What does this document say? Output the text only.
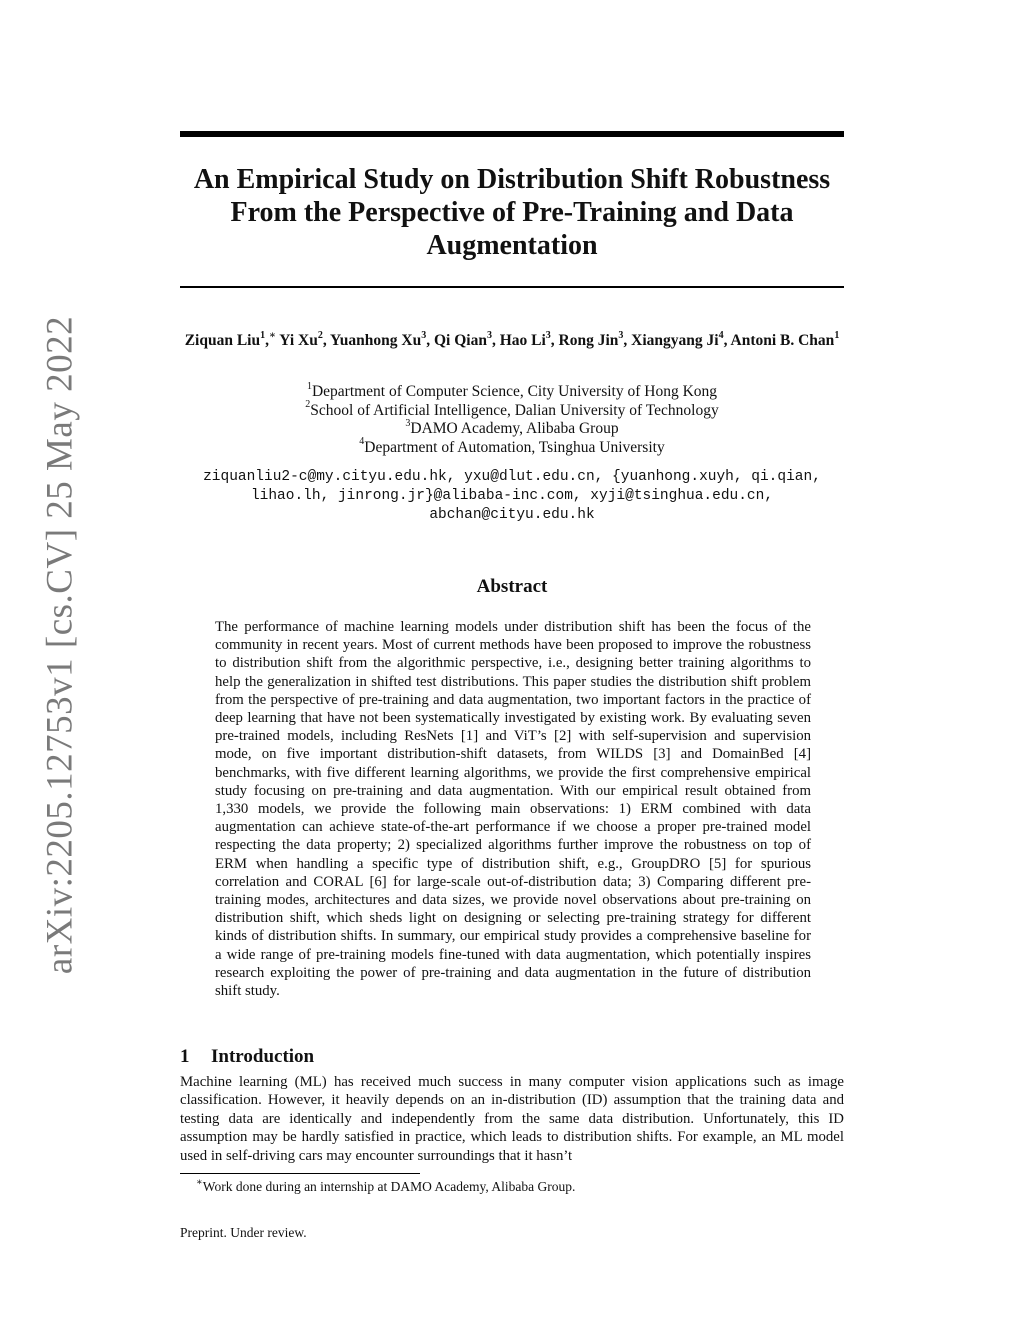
arXiv:2205.12753v1 [cs.CV] 25 May 2022
An Empirical Study on Distribution Shift Robustness From the Perspective of Pre-Training and Data Augmentation
Ziquan Liu$^1$,∗ Yi Xu$^2$, Yuanhong Xu$^3$, Qi Qian$^3$, Hao Li$^3$, Rong Jin$^3$, Xiangyang Ji$^4$, Antoni B. Chan$^1$
$^1$Department of Computer Science, City University of Hong Kong
$^2$School of Artificial Intelligence, Dalian University of Technology
$^3$DAMO Academy, Alibaba Group
$^4$Department of Automation, Tsinghua University
ziquanliu2-c@my.cityu.edu.hk, yxu@dlut.edu.cn, {yuanhong.xuyh, qi.qian,
lihao.lh, jinrong.jr}@alibaba-inc.com, xyji@tsinghua.edu.cn,
abchan@cityu.edu.hk
Abstract

The performance of machine learning models under distribution shift has been the focus of the community in recent years. Most of current methods have been proposed to improve the robustness to distribution shift from the algorithmic perspective, i.e., designing better training algorithms to help the generalization in shifted test distributions. This paper studies the distribution shift problem from the perspective of pre-training and data augmentation, two important factors in the practice of deep learning that have not been systematically investigated by existing work. By evaluating seven pre-trained models, including ResNets [1] and ViT’s [2] with self-supervision and supervision mode, on five important distribution-shift datasets, from WILDS [3] and DomainBed [4] benchmarks, with five different learning algorithms, we provide the first comprehensive empirical study focusing on pre-training and data augmentation. With our empirical result obtained from 1,330 models, we provide the following main observations: 1) ERM combined with data augmentation can achieve state-of-the-art performance if we choose a proper pre-trained model respecting the data property; 2) specialized algorithms further improve the robustness on top of ERM when handling a specific type of distribution shift, e.g., GroupDRO [5] for spurious correlation and CORAL [6] for large-scale out-of-distribution data; 3) Comparing different pre-training modes, architectures and data sizes, we provide novel observations about pre-training on distribution shift, which sheds light on designing or selecting pre-training strategy for different kinds of distribution shifts. In summary, our empirical study provides a comprehensive baseline for a wide range of pre-training models fine-tuned with data augmentation, which potentially inspires research exploiting the power of pre-training and data augmentation in the future of distribution shift study.

1 Introduction

Machine learning (ML) has received much success in many computer vision applications such as image classification. However, it heavily depends on an in-distribution (ID) assumption that the training data and testing data are identically and independently from the same data distribution. Unfortunately, this ID assumption may be hardly satisfied in practice, which leads to distribution shifts. For example, an ML model used in self-driving cars may encounter surroundings that it hasn’t

∗Work done during an internship at DAMO Academy, Alibaba Group.
Preprint. Under review.
